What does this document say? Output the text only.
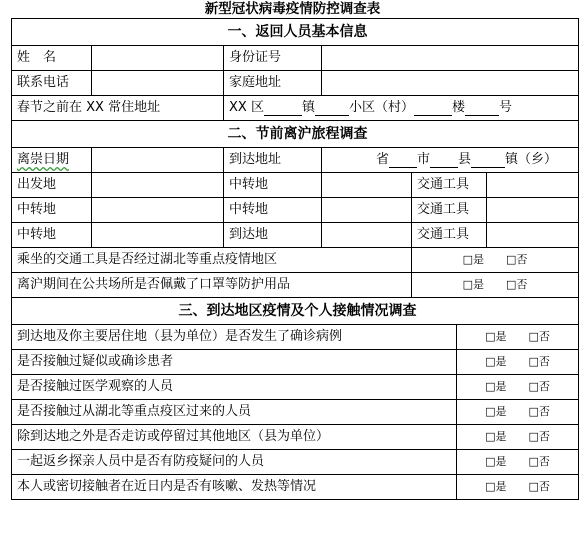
新型冠状病毒疫情防控调查表
一、返回人员基本信息						
姓　名		身份证号				
联系电话		家庭地址				
春节之前在 XX 常住地址		XX 区 镇 小区（村） 楼 号				
二、节前离沪旅程调查						
离崇日期		到达地址	省 市 县 镇（乡）			
出发地		中转地		交通工具		
中转地		中转地		交通工具		
中转地		到达地		交通工具		
乘坐的交通工具是否经过湖北等重点疫情地区				□是 □否		
离沪期间在公共场所是否佩戴了口罩等防护用品				□是 □否		
三、到达地区疫情及个人接触情况调查						
到达地及你主要居住地（县为单位）是否发生了确诊病例					□是 □否	
是否接触过疑似或确诊患者					□是 □否	
是否接触过医学观察的人员					□是 □否	
是否接触过从湖北等重点疫区过来的人员					□是 □否	
除到达地之外是否走访或停留过其他地区（县为单位）					□是 □否	
一起返乡探亲人员中是否有防疫疑问的人员					□是 □否	
本人或密切接触者在近日内是否有咳嗽、发热等情况					□是 □否	
